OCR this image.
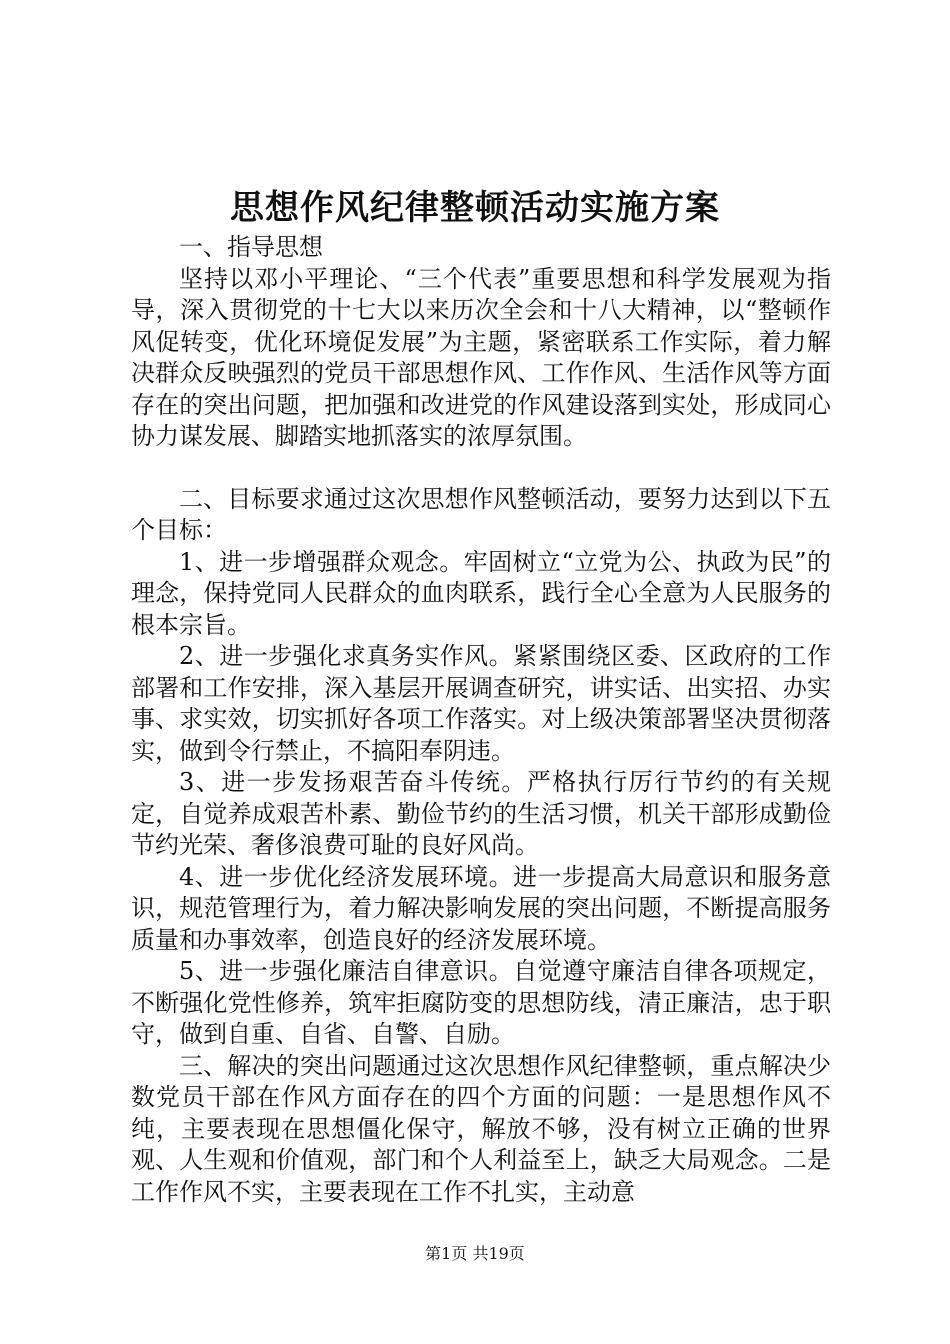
思想作风纪律整顿活动实施方案

一、指导思想

坚持以邓小平理论、“三个代表”重要思想和科学发展观为指导，深入贯彻党的十七大以来历次全会和十八大精神，以“整顿作风促转变，优化环境促发展”为主题，紧密联系工作实际，着力解决群众反映强烈的党员干部思想作风、工作作风、生活作风等方面存在的突出问题，把加强和改进党的作风建设落到实处，形成同心协力谋发展、脚踏实地抓落实的浓厚氛围。

二、目标要求通过这次思想作风整顿活动，要努力达到以下五个目标：

1、进一步增强群众观念。牢固树立“立党为公、执政为民”的理念，保持党同人民群众的血肉联系，践行全心全意为人民服务的根本宗旨。

2、进一步强化求真务实作风。紧紧围绕区委、区政府的工作部署和工作安排，深入基层开展调查研究，讲实话、出实招、办实事、求实效，切实抓好各项工作落实。对上级决策部署坚决贯彻落实，做到令行禁止，不搞阳奉阴违。

3、进一步发扬艰苦奋斗传统。严格执行厉行节约的有关规定，自觉养成艰苦朴素、勤俭节约的生活习惯，机关干部形成勤俭节约光荣、奢侈浪费可耻的良好风尚。

4、进一步优化经济发展环境。进一步提高大局意识和服务意识，规范管理行为，着力解决影响发展的突出问题，不断提高服务质量和办事效率，创造良好的经济发展环境。

5、进一步强化廉洁自律意识。自觉遵守廉洁自律各项规定，不断强化党性修养，筑牢拒腐防变的思想防线，清正廉洁，忠于职守，做到自重、自省、自警、自励。

三、解决的突出问题通过这次思想作风纪律整顿，重点解决少数党员干部在作风方面存在的四个方面的问题：一是思想作风不纯，主要表现在思想僵化保守，解放不够，没有树立正确的世界观、人生观和价值观，部门和个人利益至上，缺乏大局观念。二是工作作风不实，主要表现在工作不扎实，主动意

第1页 共19页
